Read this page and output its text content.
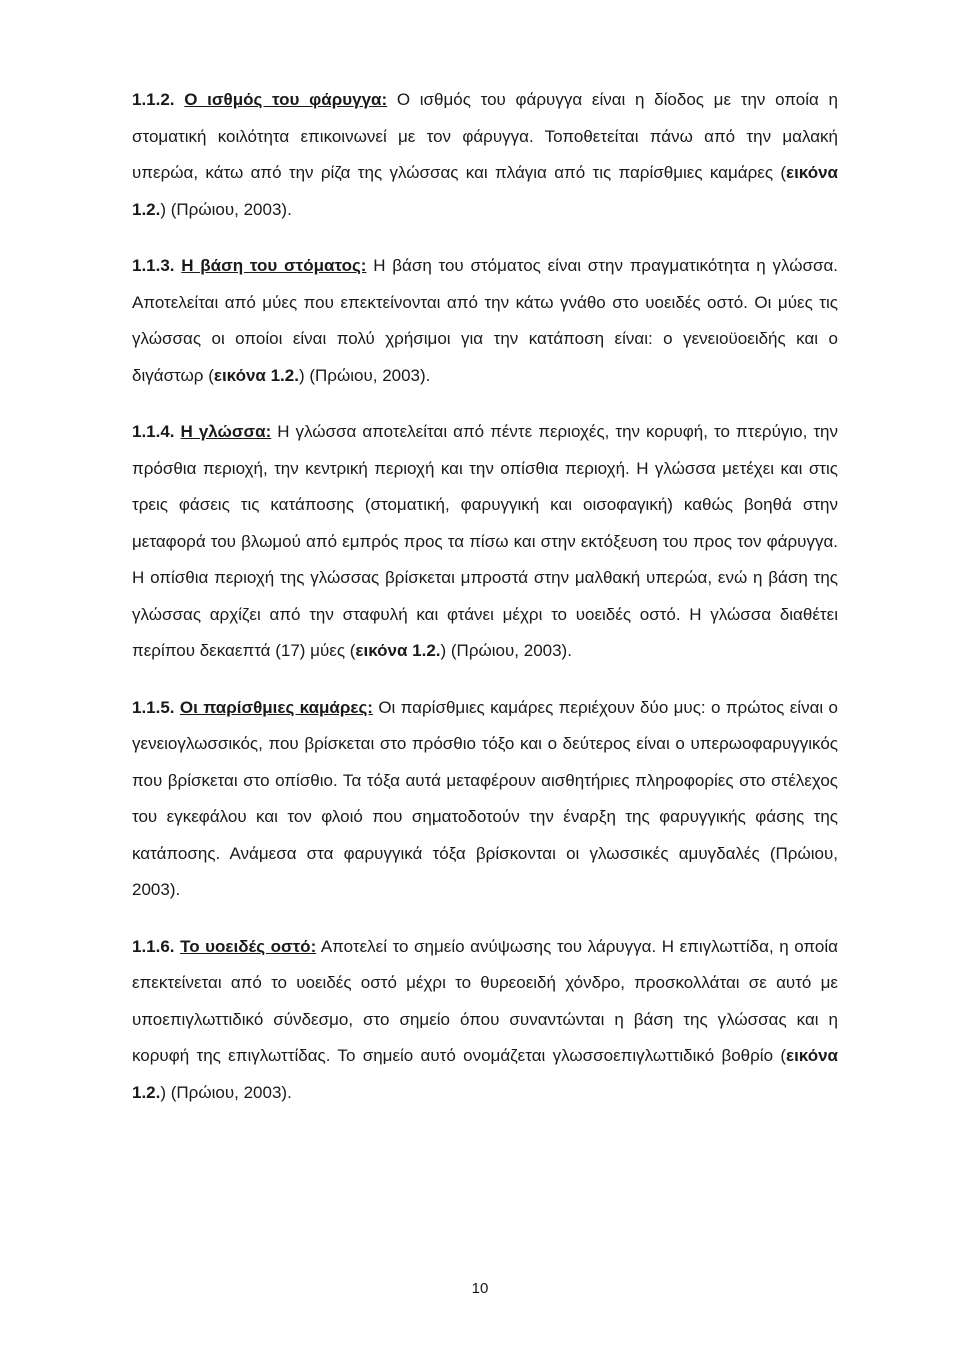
1.1.2. Ο ισθμός του φάρυγγα: Ο ισθμός του φάρυγγα είναι η δίοδος με την οποία η στοματική κοιλότητα επικοινωνεί με τον φάρυγγα. Τοποθετείται πάνω από την μαλακή υπερώα, κάτω από την ρίζα της γλώσσας και πλάγια από τις παρίσθμιες καμάρες (εικόνα 1.2.) (Πρώιου, 2003).

1.1.3. Η βάση του στόματος: Η βάση του στόματος είναι στην πραγματικότητα η γλώσσα. Αποτελείται από μύες που επεκτείνονται από την κάτω γνάθο στο υοειδές οστό. Οι μύες τις γλώσσας οι οποίοι είναι πολύ χρήσιμοι για την κατάποση είναι: ο γενειοϋοειδής και ο διγάστωρ (εικόνα 1.2.) (Πρώιου, 2003).

1.1.4. Η γλώσσα: Η γλώσσα αποτελείται από πέντε περιοχές, την κορυφή, το πτερύγιο, την πρόσθια περιοχή, την κεντρική περιοχή και την οπίσθια περιοχή. Η γλώσσα μετέχει και στις τρεις φάσεις τις κατάποσης (στοματική, φαρυγγική και οισοφαγική) καθώς βοηθά στην μεταφορά του βλωμού από εμπρός προς τα πίσω και στην εκτόξευση του προς τον φάρυγγα. Η οπίσθια περιοχή της γλώσσας βρίσκεται μπροστά στην μαλθακή υπερώα, ενώ η βάση της γλώσσας αρχίζει από την σταφυλή και φτάνει μέχρι το υοειδές οστό. Η γλώσσα διαθέτει περίπου δεκαεπτά (17) μύες (εικόνα 1.2.) (Πρώιου, 2003).

1.1.5. Οι παρίσθμιες καμάρες: Οι παρίσθμιες καμάρες περιέχουν δύο μυς: ο πρώτος είναι ο γενειογλωσσικός, που βρίσκεται στο πρόσθιο τόξο και ο δεύτερος είναι ο υπερωοφαρυγγικός που βρίσκεται στο οπίσθιο. Τα τόξα αυτά μεταφέρουν αισθητήριες πληροφορίες στο στέλεχος του εγκεφάλου και τον φλοιό που σηματοδοτούν την έναρξη της φαρυγγικής φάσης της κατάποσης. Ανάμεσα στα φαρυγγικά τόξα βρίσκονται οι γλωσσικές αμυγδαλές (Πρώιου, 2003).

1.1.6. Το υοειδές οστό: Αποτελεί το σημείο ανύψωσης του λάρυγγα. Η επιγλωττίδα, η οποία επεκτείνεται από το υοειδές οστό μέχρι το θυρεοειδή χόνδρο, προσκολλάται σε αυτό με υποεπιγλωττιδικό σύνδεσμο, στο σημείο όπου συναντώνται η βάση της γλώσσας και η κορυφή της επιγλωττίδας. Το σημείο αυτό ονομάζεται γλωσσοεπιγλωττιδικό βοθρίο (εικόνα 1.2.) (Πρώιου, 2003).

10
